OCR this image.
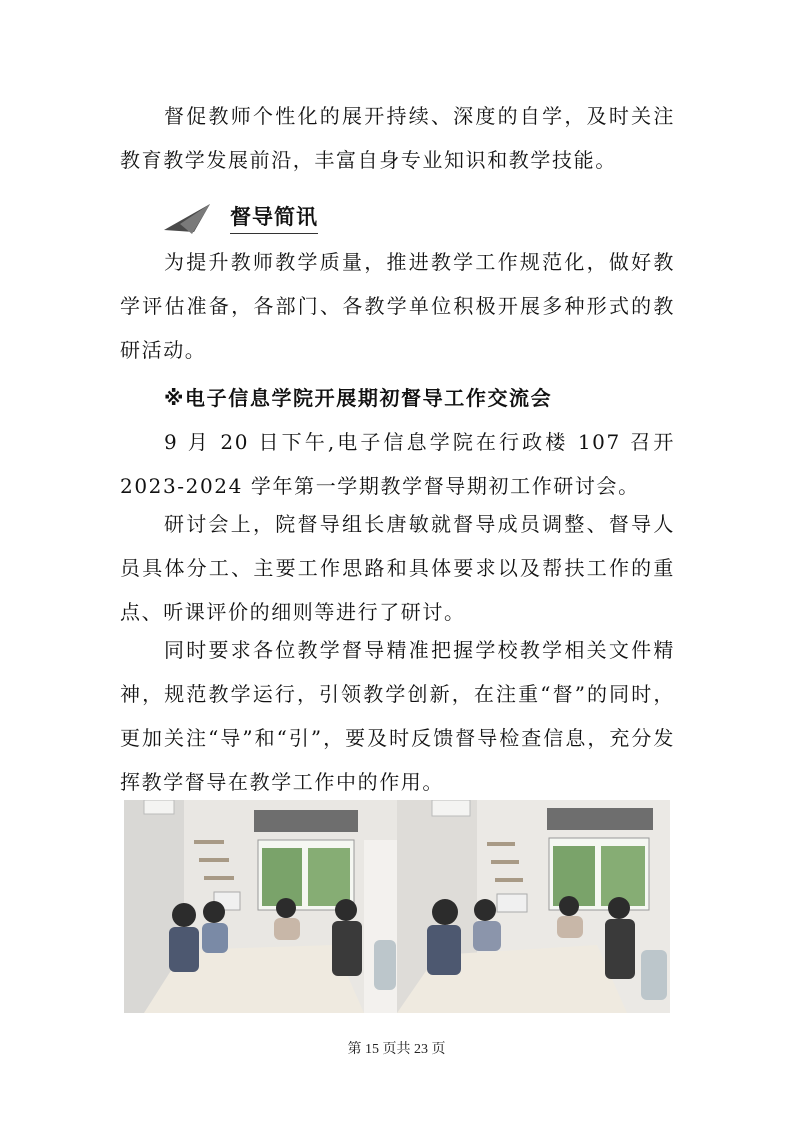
督促教师个性化的展开持续、深度的自学，及时关注教育教学发展前沿，丰富自身专业知识和教学技能。

督导简讯

为提升教师教学质量，推进教学工作规范化，做好教学评估准备，各部门、各教学单位积极开展多种形式的教研活动。

※电子信息学院开展期初督导工作交流会

9 月 20 日下午,电子信息学院在行政楼 107 召开 2023-2024 学年第一学期教学督导期初工作研讨会。

研讨会上，院督导组长唐敏就督导成员调整、督导人员具体分工、主要工作思路和具体要求以及帮扶工作的重点、听课评价的细则等进行了研讨。

同时要求各位教学督导精准把握学校教学相关文件精神，规范教学运行，引领教学创新，在注重“督”的同时，更加关注“导”和“引”，要及时反馈督导检查信息，充分发挥教学督导在教学工作中的作用。

第 15 页共 23 页
